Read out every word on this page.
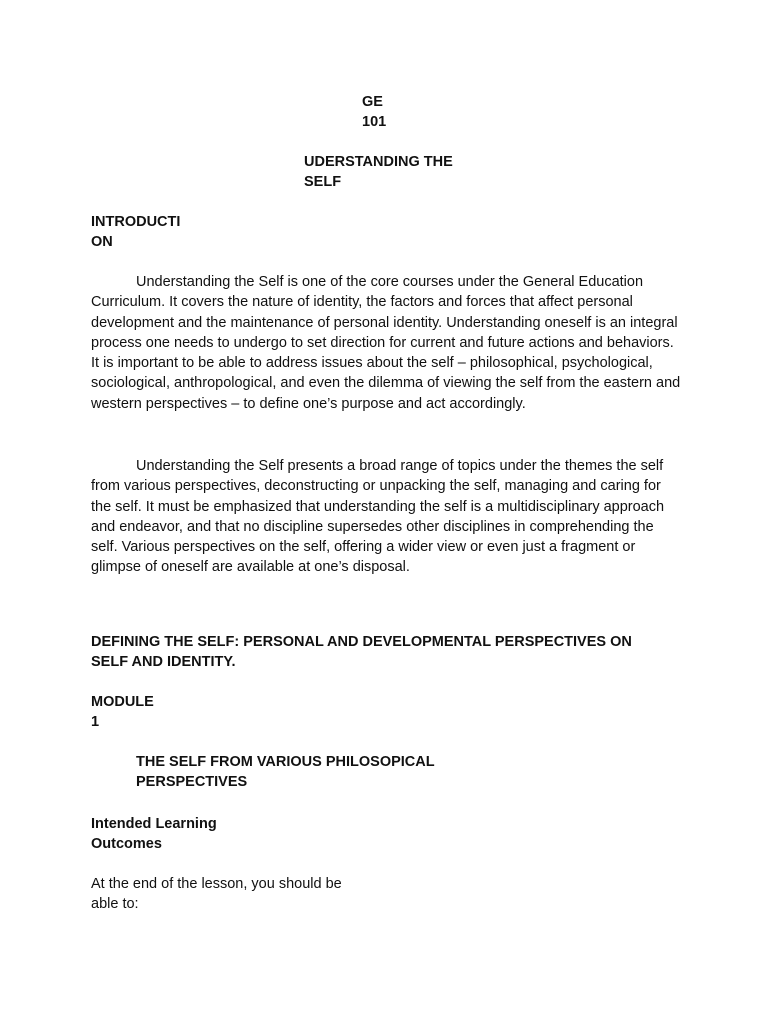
GE
101

UDERSTANDING THE
SELF

INTRODUCTI
ON

Understanding the Self is one of the core courses under the General Education Curriculum. It covers the nature of identity, the factors and forces that affect personal development and the maintenance of personal identity. Understanding oneself is an integral process one needs to undergo to set direction for current and future actions and behaviors. It is important to be able to address issues about the self – philosophical, psychological, sociological, anthropological, and even the dilemma of viewing the self from the eastern and western perspectives – to define one’s purpose and act accordingly.

Understanding the Self presents a broad range of topics under the themes the self from various perspectives, deconstructing or unpacking the self, managing and caring for the self. It must be emphasized that understanding the self is a multidisciplinary approach and endeavor, and that no discipline supersedes other disciplines in comprehending the self. Various perspectives on the self, offering a wider view or even just a fragment or glimpse of oneself are available at one’s disposal.

DEFINING THE SELF: PERSONAL AND DEVELOPMENTAL PERSPECTIVES ON
SELF AND IDENTITY.

MODULE
1

THE SELF FROM VARIOUS PHILOSOPICAL
PERSPECTIVES

Intended Learning
Outcomes

At the end of the lesson, you should be
able to:
